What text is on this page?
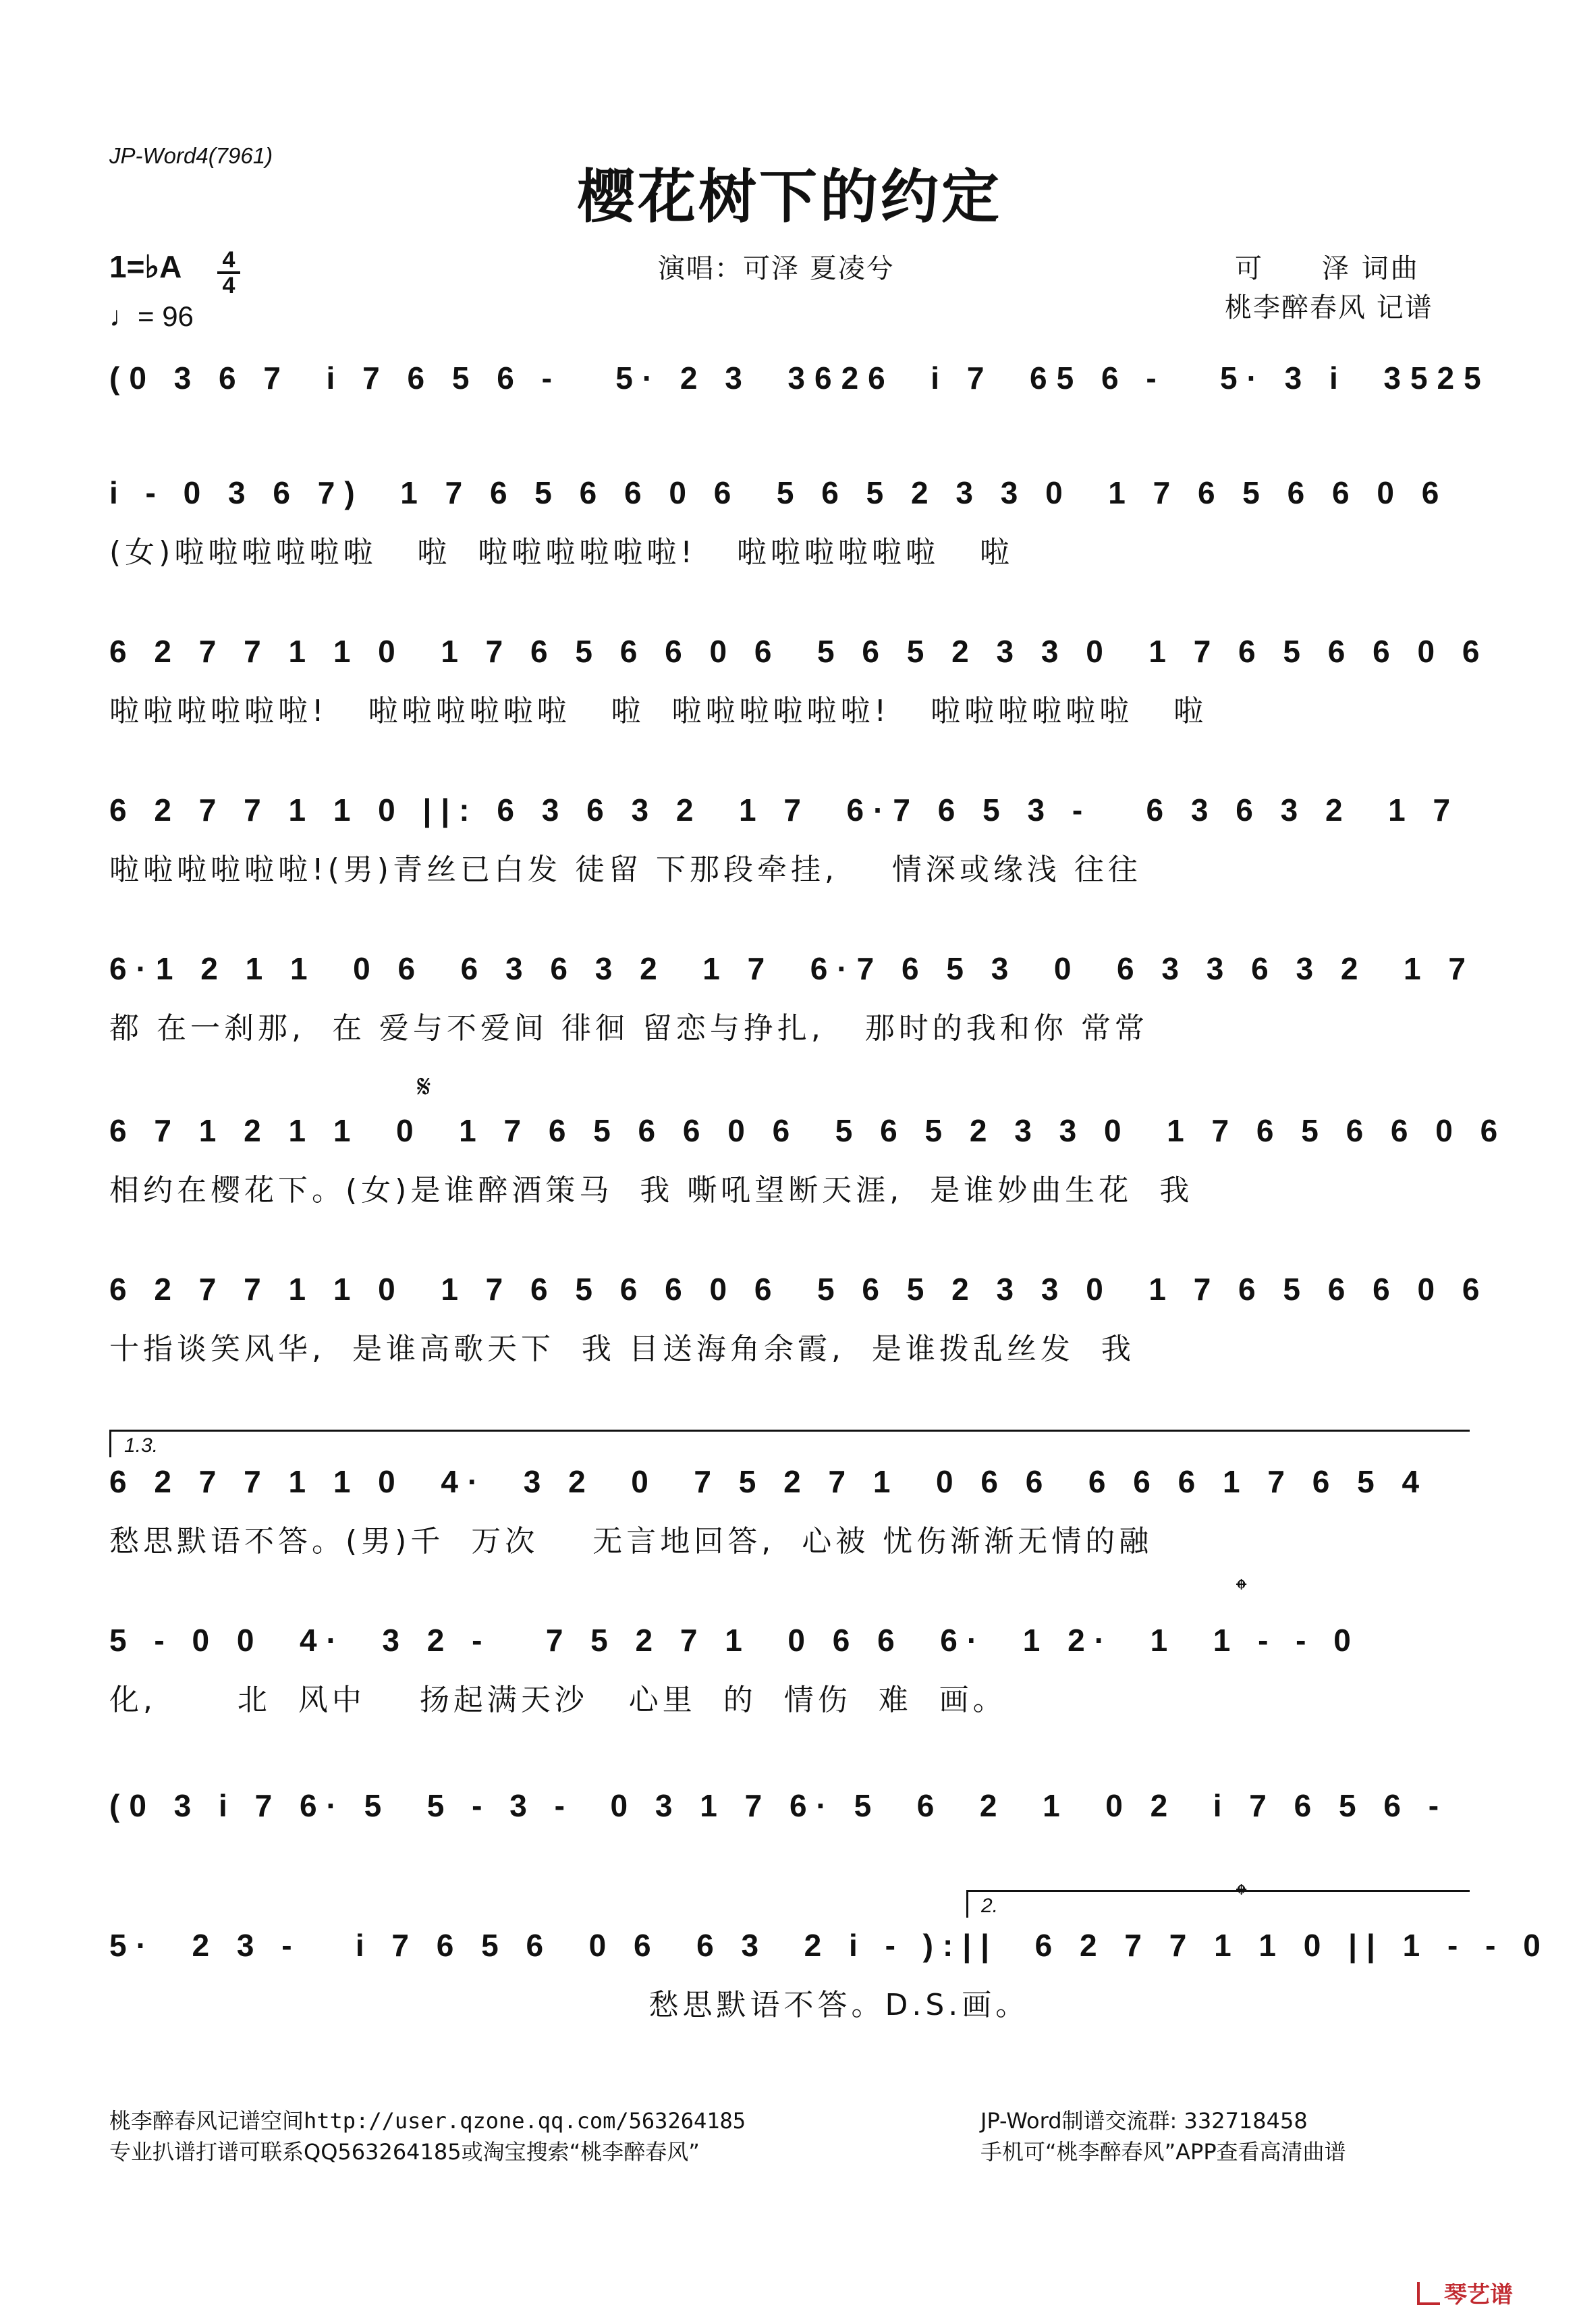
JP-Word4(7961)
樱花树下的约定
1=♭A 4
4
♩= 96
演唱：可泽 夏凌兮	可　　泽 词曲
桃李醉春风 记谱
(0 3 6 7  i 7 6 5 6 -   5· 2 3  3626  i 7  65 6 -   5· 3 i  3525
i - 0 3 6 7)  1 7 6 5 6 6 0 6  5 6 5 2 3 3 0  1 7 6 5 6 6 0 6
(女)啦啦啦啦啦啦   啦  啦啦啦啦啦啦!   啦啦啦啦啦啦   啦
6 2 7 7 1 1 0  1 7 6 5 6 6 0 6  5 6 5 2 3 3 0  1 7 6 5 6 6 0 6
啦啦啦啦啦啦!   啦啦啦啦啦啦   啦  啦啦啦啦啦啦!   啦啦啦啦啦啦   啦
6 2 7 7 1 1 0 ||: 6 3 6 3 2  1 7  6·7 6 5 3 -   6 3 6 3 2  1 7
啦啦啦啦啦啦!(男)青丝已白发 徒留 下那段牵挂,    情深或缘浅 往往
6·1 2 1 1  0 6  6 3 6 3 2  1 7  6·7 6 5 3  0  6 3 3 6 3 2  1 7
都 在一刹那,  在 爱与不爱间 徘徊 留恋与挣扎,   那时的我和你 常常
𝄋
6 7 1 2 1 1  0  1 7 6 5 6 6 0 6  5 6 5 2 3 3 0  1 7 6 5 6 6 0 6
相约在樱花下。(女)是谁醉酒策马  我 嘶吼望断天涯,  是谁妙曲生花  我
6 2 7 7 1 1 0  1 7 6 5 6 6 0 6  5 6 5 2 3 3 0  1 7 6 5 6 6 0 6
十指谈笑风华,  是谁高歌天下  我 目送海角余霞,  是谁拨乱丝发  我
1.3.
6 2 7 7 1 1 0  4·  3 2  0  7 5 2 7 1  0 6 6  6 6 6 1 7 6 5 4
愁思默语不答。(男)千  万次    无言地回答,  心被 忧伤渐渐无情的融
𝄌
5 - 0 0  4·  3 2 -   7 5 2 7 1  0 6 6  6·  1 2·  1  1 - - 0
化,      北  风中    扬起满天沙   心里  的  情伤  难  画。
(0 3 i 7 6· 5  5 - 3 -  0 3 1 7 6· 5  6  2  1  0 2  i 7 6 5 6 -
2.	𝄌
5·  2 3 -   i 7 6 5 6  0 6  6 3  2 i - ):||  6 2 7 7 1 1 0 || 1 - - 0
愁思默语不答。D.S.画。
桃李醉春风记谱空间http://user.qzone.qq.com/563264185
专业扒谱打谱可联系QQ563264185或淘宝搜索“桃李醉春风”
JP-Word制谱交流群: 332718458
手机可“桃李醉春风”APP查看高清曲谱
琴艺谱
